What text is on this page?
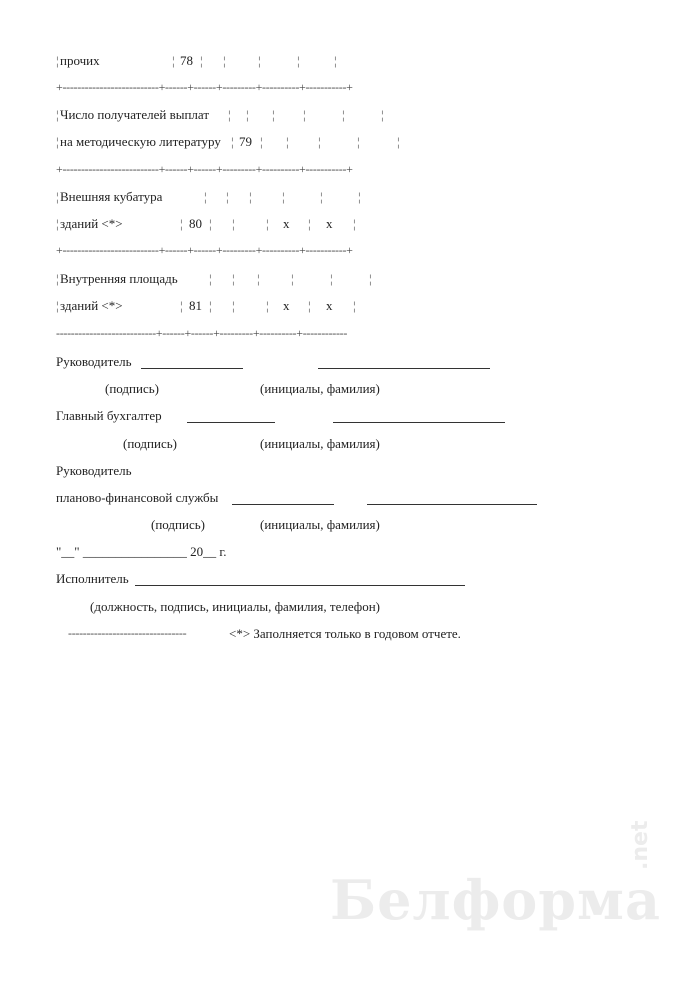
¦ прочих	¦ 78 ¦ ¦ ¦	¦	¦
+--------------------------+------+------+---------+----------+-----------+
¦ Число получателей выплат ¦ ¦ ¦ ¦	¦	¦
¦ на методическую литературу ¦ 79 ¦ ¦ ¦	¦	¦
+--------------------------+------+------+---------+----------+-----------+
¦ Внешняя кубатура	¦ ¦ ¦ ¦	¦	¦
¦ зданий <*>	¦ 80 ¦ ¦ ¦ x ¦ x ¦
+--------------------------+------+------+---------+----------+-----------+
¦ Внутренняя площадь ¦ ¦ ¦ ¦	¦	¦
¦ зданий <*>	¦ 81 ¦ ¦ ¦ x ¦ x ¦
---------------------------+------+------+---------+----------+------------
Руководитель
(подпись)	(инициалы, фамилия)
Главный бухгалтер
(подпись)	(инициалы, фамилия)
Руководитель
планово-финансовой службы
(подпись)	(инициалы, фамилия)
"__" ________________ 20__ г.
Исполнитель
(должность, подпись, инициалы, фамилия, телефон)
--------------------------------	<*> Заполняется только в годовом отчете.
Белформа
.net
